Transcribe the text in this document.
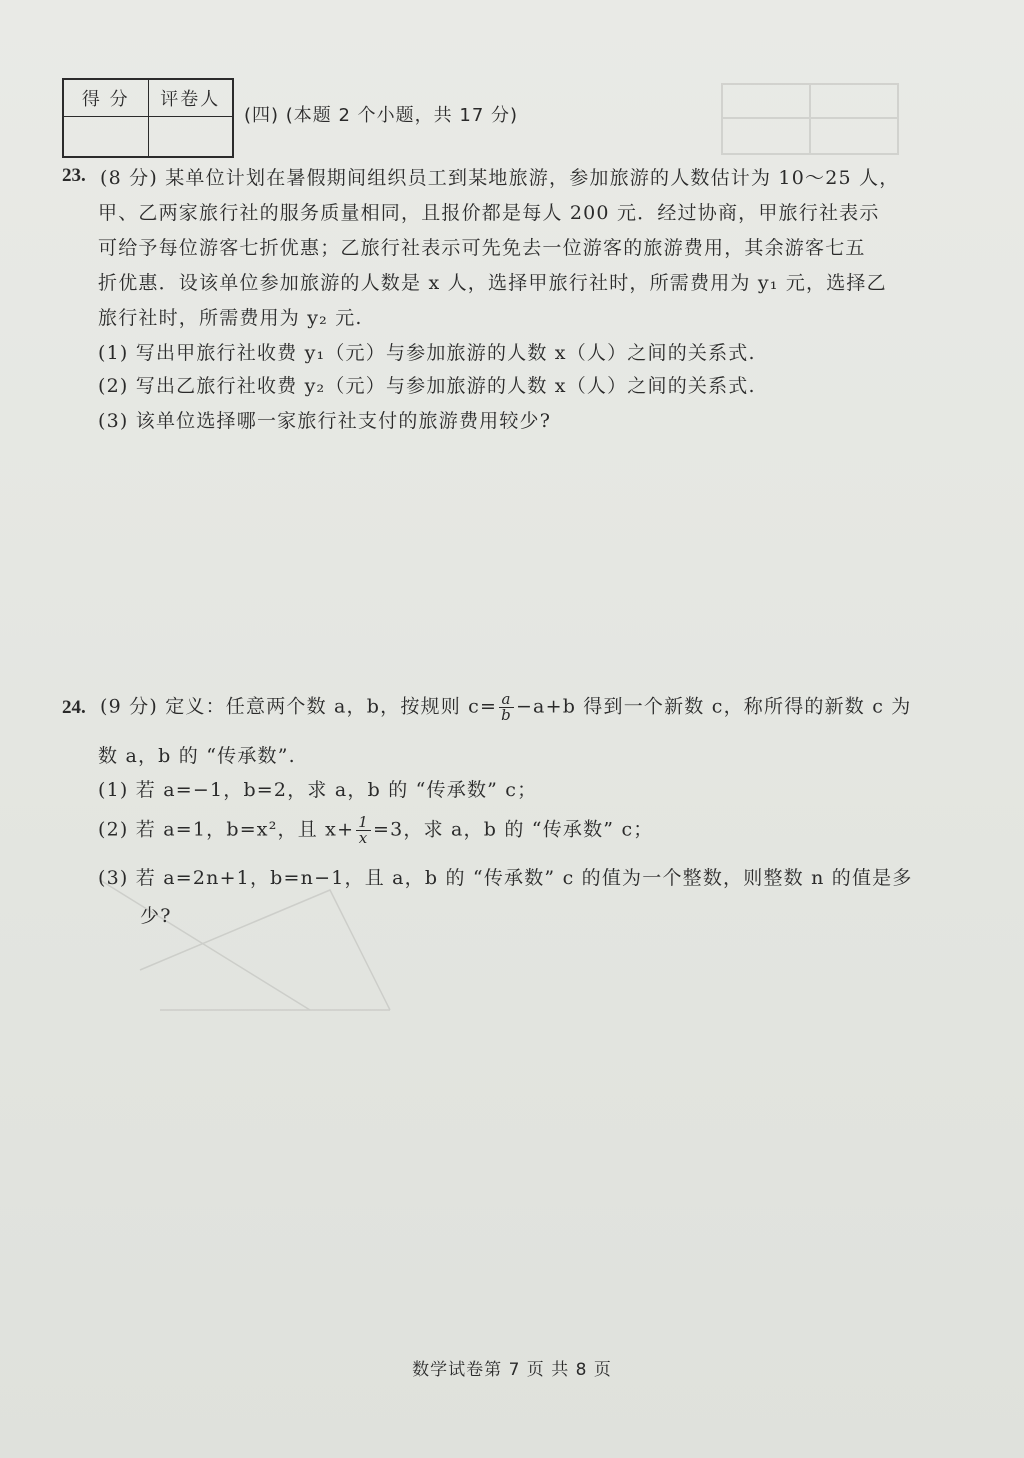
得 分	评卷人

(四) (本题 2 个小题，共 17 分)
23. (8 分) 某单位计划在暑假期间组织员工到某地旅游，参加旅游的人数估计为 10～25 人，
甲、乙两家旅行社的服务质量相同，且报价都是每人 200 元．经过协商，甲旅行社表示
可给予每位游客七折优惠；乙旅行社表示可先免去一位游客的旅游费用，其余游客七五
折优惠．设该单位参加旅游的人数是 x 人，选择甲旅行社时，所需费用为 y₁ 元，选择乙
旅行社时，所需费用为 y₂ 元.
(1) 写出甲旅行社收费 y₁（元）与参加旅游的人数 x（人）之间的关系式.
(2) 写出乙旅行社收费 y₂（元）与参加旅游的人数 x（人）之间的关系式.
(3) 该单位选择哪一家旅行社支付的旅游费用较少?
24. (9 分) 定义：任意两个数 a，b，按规则 $c= \frac{a}{b} -a+b$ 得到一个新数 c，称所得的新数 c 为
数 a，b 的 “传承数”.
(1) 若 a=−1，b=2，求 a，b 的 “传承数” c；
(2) 若 a=1，b=x²，且 $x+ \frac{1}{x} =3$，求 a，b 的 “传承数” c；
(3) 若 a=2n+1，b=n−1，且 a，b 的 “传承数” c 的值为一个整数，则整数 n 的值是多
少?
数学试卷第 7 页 共 8 页
